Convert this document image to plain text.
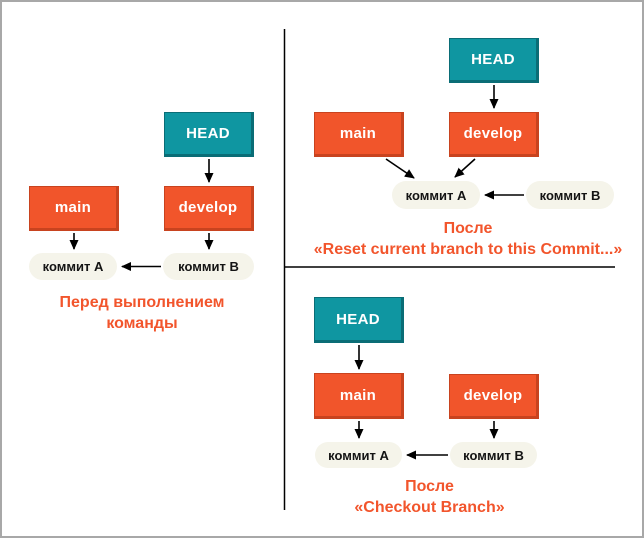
HEAD
main	develop
коммит A	коммит B
Перед выполнением
команды
HEAD
main	develop
коммит A	коммит B
После
«Reset current branch to this Commit...»
HEAD
main	develop
коммит A	коммит B
После
«Checkout Branch»
